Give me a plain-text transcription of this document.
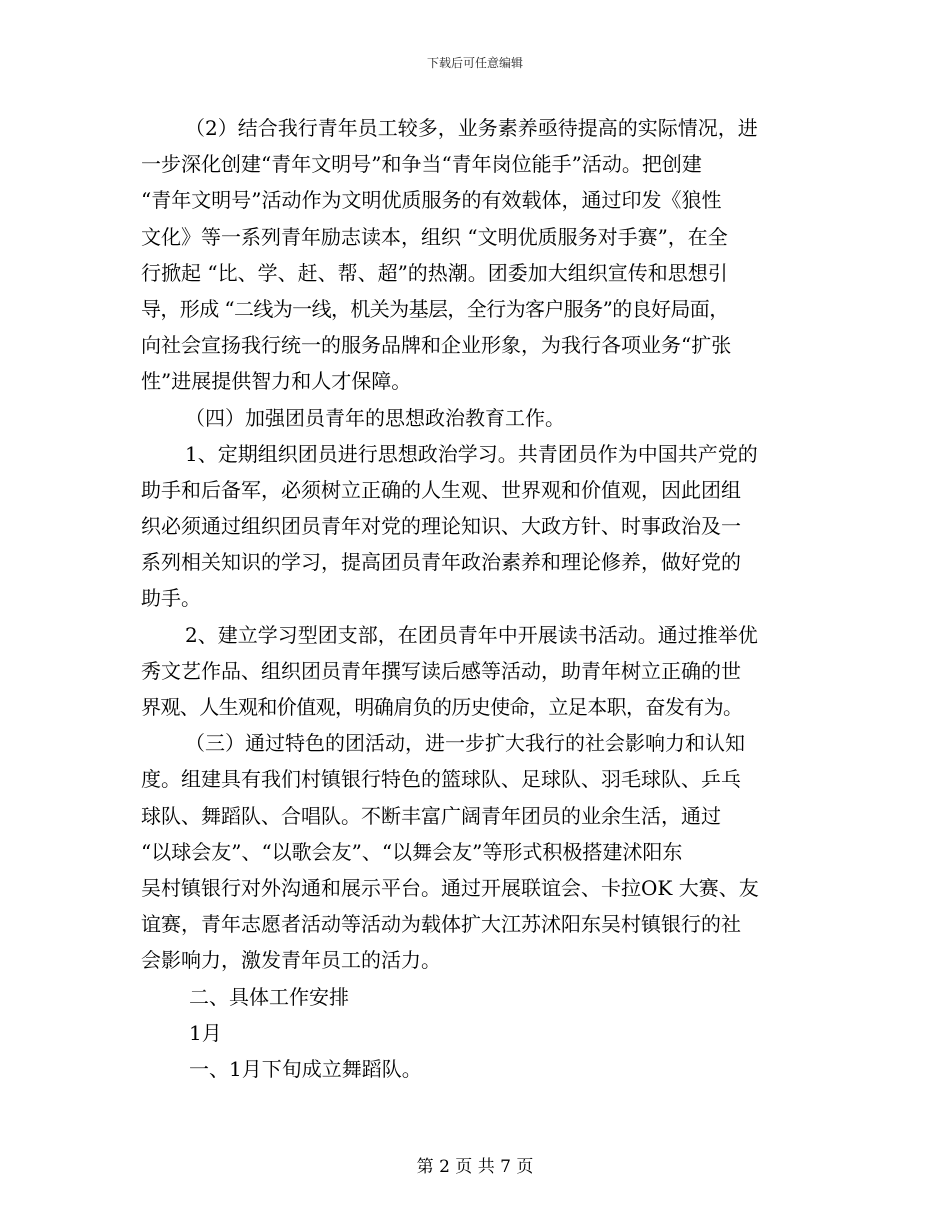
下载后可任意编辑
（2）结合我行青年员工较多，业务素养亟待提高的实际情况，进
一步深化创建“青年文明号”和争当“青年岗位能手”活动。把创建
“青年文明号”活动作为文明优质服务的有效载体，通过印发《狼性
文化》等一系列青年励志读本，组织 “文明优质服务对手赛”，在全
行掀起 “比、学、赶、帮、超”的热潮。团委加大组织宣传和思想引
导，形成 “二线为一线，机关为基层，全行为客户服务”的良好局面，
向社会宣扬我行统一的服务品牌和企业形象，为我行各项业务“扩张
性”进展提供智力和人才保障。
（四）加强团员青年的思想政治教育工作。
1、定期组织团员进行思想政治学习。共青团员作为中国共产党的
助手和后备军，必须树立正确的人生观、世界观和价值观，因此团组
织必须通过组织团员青年对党的理论知识、大政方针、时事政治及一
系列相关知识的学习，提高团员青年政治素养和理论修养，做好党的
助手。
2、建立学习型团支部，在团员青年中开展读书活动。通过推举优
秀文艺作品、组织团员青年撰写读后感等活动，助青年树立正确的世
界观、人生观和价值观，明确肩负的历史使命，立足本职，奋发有为。
（三）通过特色的团活动，进一步扩大我行的社会影响力和认知
度。组建具有我们村镇银行特色的篮球队、足球队、羽毛球队、乒乓
球队、舞蹈队、合唱队。不断丰富广阔青年团员的业余生活，通过
“以球会友”、“以歌会友”、“以舞会友”等形式积极搭建沭阳东
吴村镇银行对外沟通和展示平台。通过开展联谊会、卡拉OK 大赛、友
谊赛，青年志愿者活动等活动为载体扩大江苏沭阳东吴村镇银行的社
会影响力，激发青年员工的活力。
二、具体工作安排
1月
一、1月下旬成立舞蹈队。
第 2 页 共 7 页
